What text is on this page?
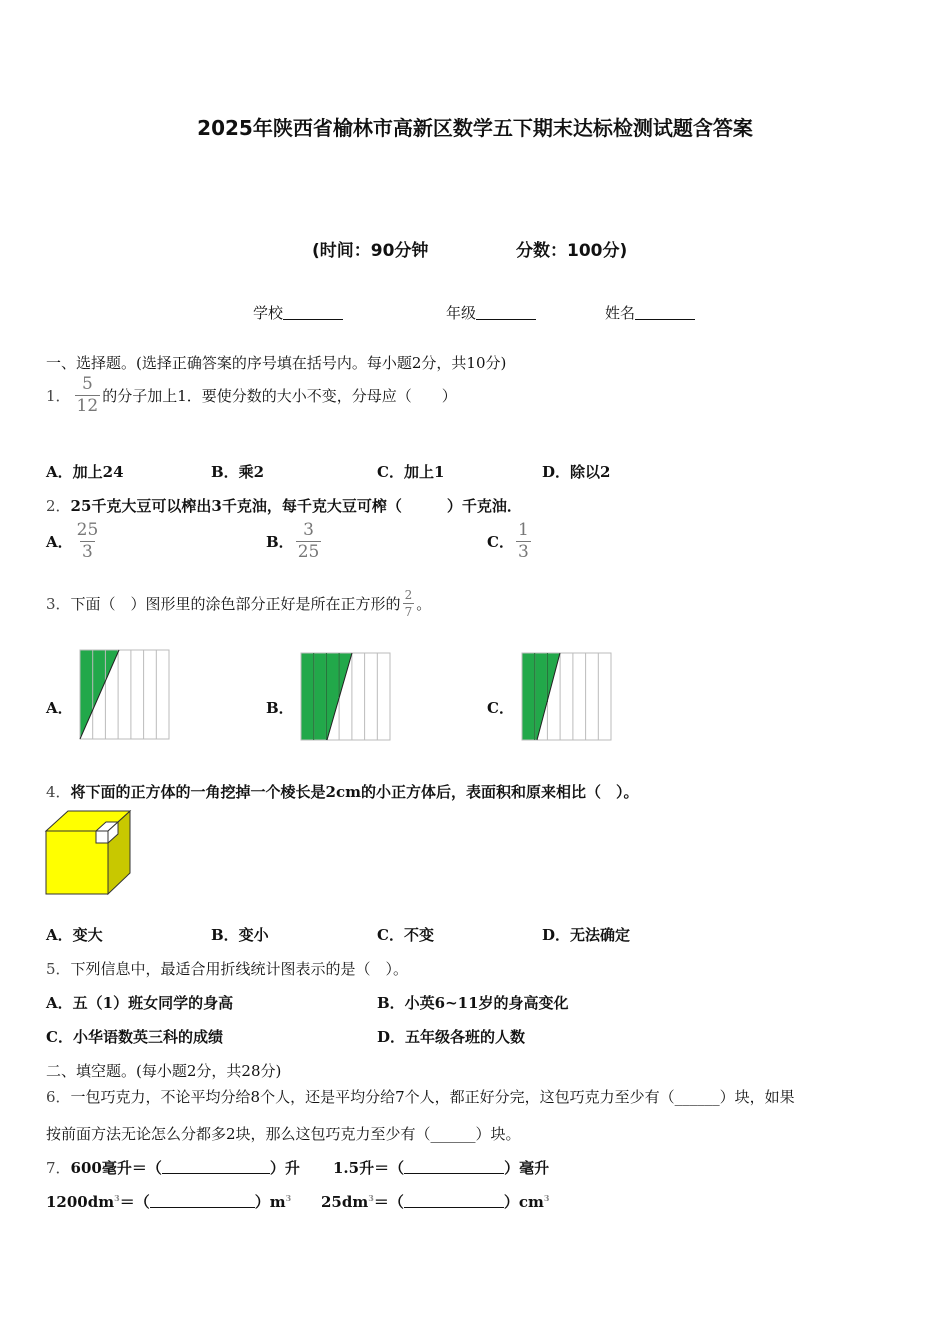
2025年陕西省榆林市高新区数学五下期末达标检测试题含答案
(时间：90分钟	分数：100分)
学校	年级	姓名
一、选择题。(选择正确答案的序号填在括号内。每小题2分，共10分)
1． $\frac{5}{12}$ 的分子加上1．要使分数的大小不变，分母应（　　）
A．加上24	B．乘2	C．加上1	D．除以2
2．25千克大豆可以榨出3千克油，每千克大豆可榨（　　　）千克油．
A． $\frac{25}{3}$	B． $\frac{3}{25}$	C． $\frac{1}{3}$
3． 下面（　）图形里的涂色部分正好是所在正方形的 $\frac{2}{7}$ 。
A．	B．	C．
4．将下面的正方体的一角挖掉一个棱长是2cm的小正方体后，表面积和原来相比（　）。
A．变大	B．变小	C．不变	D．无法确定
5．下列信息中，最适合用折线统计图表示的是（　）。
A．五（1）班女同学的身高	B．小英6~11岁的身高变化
C．小华语数英三科的成绩	D．五年级各班的人数
二、填空题。(每小题2分，共28分)
6．一包巧克力，不论平均分给8个人，还是平均分给7个人，都正好分完，这包巧克力至少有（______）块，如果
按前面方法无论怎么分都多2块，那么这包巧克力至少有（______）块。
7．600毫升＝（	）升 1.5升＝（	）毫升
$1200dm^3=$（	）$m^3$ $25dm^3=$（	）$cm^3$
